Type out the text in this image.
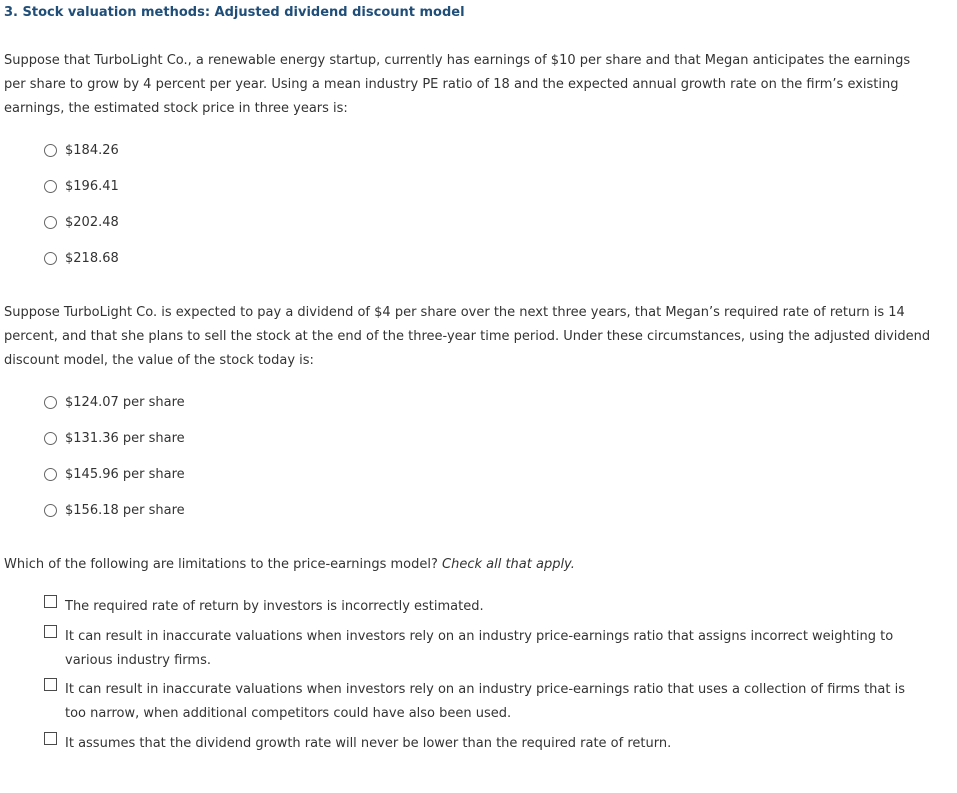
3. Stock valuation methods: Adjusted dividend discount model
Suppose that TurboLight Co., a renewable energy startup, currently has earnings of $10 per share and that Megan anticipates the earnings per share to grow by 4 percent per year. Using a mean industry PE ratio of 18 and the expected annual growth rate on the firm’s existing earnings, the estimated stock price in three years is:
$184.26
$196.41
$202.48
$218.68
Suppose TurboLight Co. is expected to pay a dividend of $4 per share over the next three years, that Megan’s required rate of return is 14 percent, and that she plans to sell the stock at the end of the three-year time period. Under these circumstances, using the adjusted dividend discount model, the value of the stock today is:
$124.07 per share
$131.36 per share
$145.96 per share
$156.18 per share
Which of the following are limitations to the price-earnings model? Check all that apply.
The required rate of return by investors is incorrectly estimated.
It can result in inaccurate valuations when investors rely on an industry price-earnings ratio that assigns incorrect weighting to various industry firms.
It can result in inaccurate valuations when investors rely on an industry price-earnings ratio that uses a collection of firms that is too narrow, when additional competitors could have also been used.
It assumes that the dividend growth rate will never be lower than the required rate of return.
